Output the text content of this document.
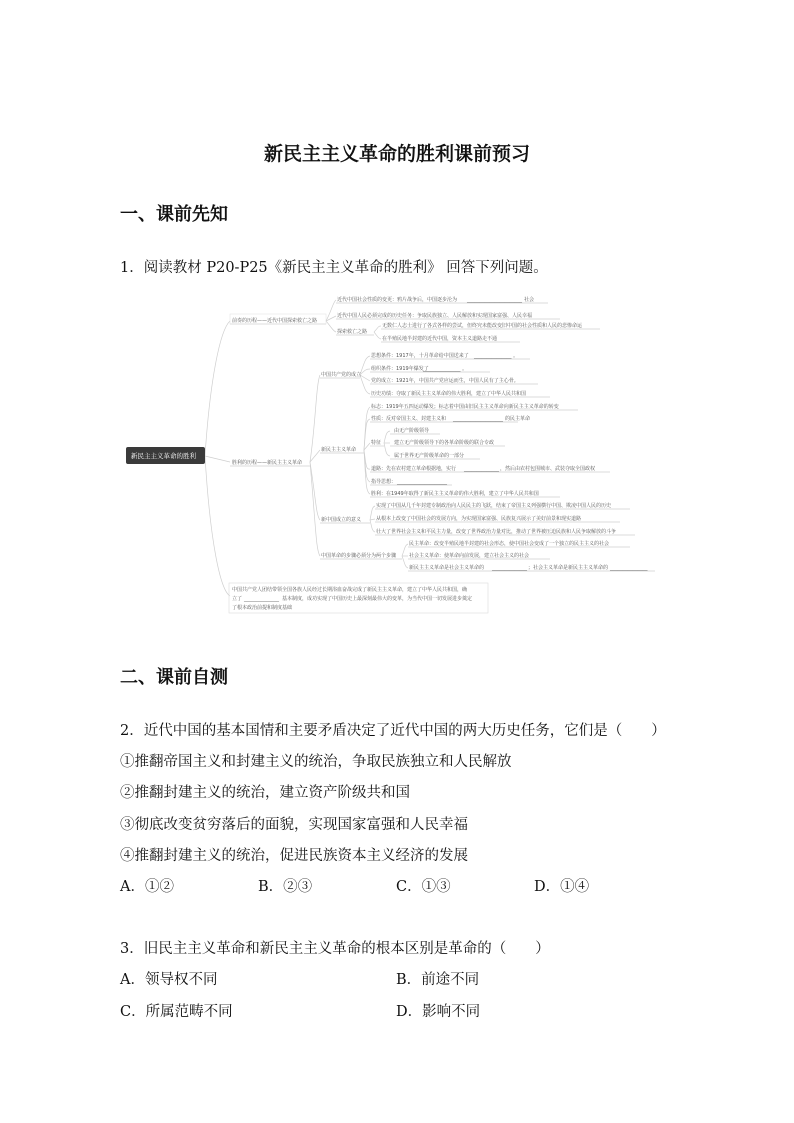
新民主主义革命的胜利课前预习
一、课前先知
1．阅读教材 P20-P25《新民主主义革命的胜利》 回答下列问题。
新民主主义革命的胜利
前奏的历程——近代中国探索救亡之路
近代中国社会性质的变更：鸦片战争后，中国逐步沦为 ______________________ 社会
近代中国人民必须完成的历史任务：争取民族独立、人民解放和实现国家富强、人民幸福
探索救亡之路
无数仁人志士进行了各式各样的尝试，但终究未能改变旧中国的社会性质和人民的悲惨命运
在半殖民地半封建的近代中国，资本主义道路走不通
胜利的历程——新民主主义革命
中国共产党的成立
思想条件：1917年，十月革命给中国送来了 _______________ 。
组织条件：1919年爆发了
_______________ 。
党的成立：1921年，中国共产党应运而生，中国人民有了主心骨。
历史功绩：夺取了新民主主义革命的伟大胜利，建立了中华人民共和国
新民主主义革命
标志：1919年五四运动爆发；标志着中国由旧民主主义革命向新民主主义革命的转变
性质：反对帝国主义、封建主义和 ____________________ 的民主革命
特征
由无产阶级领导
建立无产阶级领导下的各革命阶级的联合专政
属于世界无产阶级革命的一部分
道路：先在农村建立革命根据地，实行 ______________ ，然后由农村包围城市、武装夺取全国政权
指导思想： ____________________
胜利：在1949年取得了新民主主义革命的伟大胜利，建立了中华人民共和国
新中国成立的意义
实现了中国从几千年封建专制政治向人民民主的飞跃，结束了帝国主义列强横行中国、欺凌中国人民的历史
从根本上改变了中国社会的发展方向，为实现国家富强、民族复兴展示了美好前景和现实道路
壮大了世界社会主义和平民主力量，改变了世界政治力量对比，推动了世界被压迫民族和人民争取解放的斗争
中国革命的步骤必须分为两个步骤
民主革命：改变半殖民地半封建的社会形态，使中国社会变成了一个独立的民主主义的社会
社会主义革命：使革命向前发展，建立社会主义的社会
新民主主义革命是社会主义革命的 ______________ ；社会主义革命是新民主主义革命的 _______________
中国共产党人团结带领全国各族人民经过长期浴血奋战完成了新民主主义革命，建立了中华人民共和国，确
立了 ______________ 基本制度，成功实现了中国历史上最深刻最伟大的变革，为当代中国一切发展进步奠定
了根本政治前提和制度基础
二、课前自测
2．近代中国的基本国情和主要矛盾决定了近代中国的两大历史任务，它们是（　　）
①推翻帝国主义和封建主义的统治，争取民族独立和人民解放
②推翻封建主义的统治，建立资产阶级共和国
③彻底改变贫穷落后的面貌，实现国家富强和人民幸福
④推翻封建主义的统治，促进民族资本主义经济的发展
A．①②	B．②③	C．①③	D．①④
3．旧民主主义革命和新民主主义革命的根本区别是革命的（　　）
A．领导权不同	B．前途不同
C．所属范畴不同	D．影响不同
